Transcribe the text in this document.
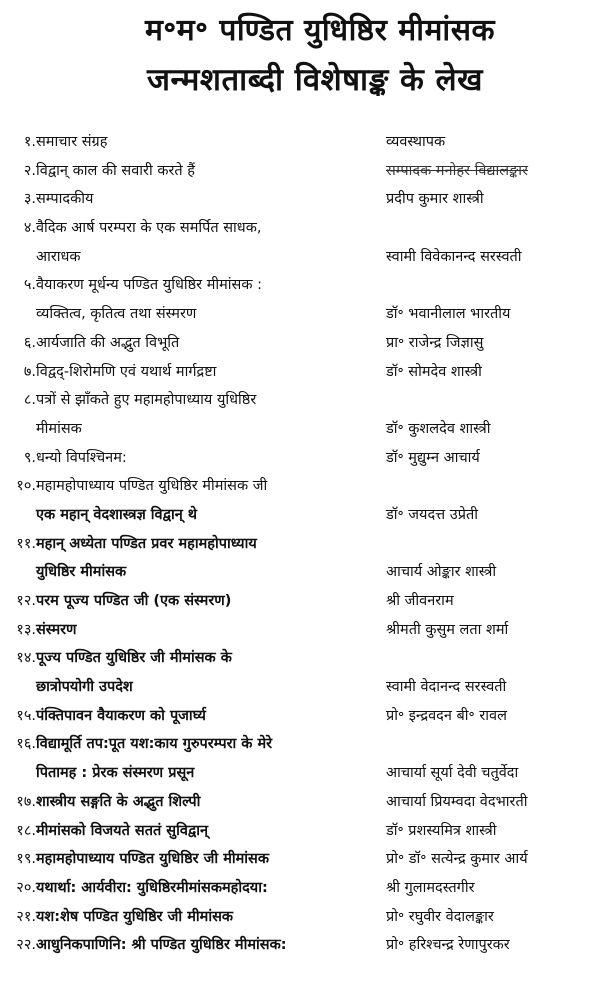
म॰म॰ पण्डित युधिष्ठिर मीमांसक
जन्मशताब्दी विशेषाङ्क के लेख
१. समाचार संग्रह	व्यवस्थापक
२. विद्वान् काल की सवारी करते हैं	सम्पादक मनोहर विद्यालङ्कार
३. सम्पादकीय	प्रदीप कुमार शास्त्री
४. वैदिक आर्ष परम्परा के एक समर्पित साधक,
आराधक	स्वामी विवेकानन्द सरस्वती
५. वैयाकरण मूर्धन्य पण्डित युधिष्ठिर मीमांसक :
व्यक्तित्व, कृतित्व तथा संस्मरण	डॉ॰ भवानीलाल भारतीय
६. आर्यजाति की अद्भुत विभूति	प्रा॰ राजेन्द्र जिज्ञासु
७. विद्वद्-शिरोमणि एवं यथार्थ मार्गद्रष्टा	डॉ॰ सोमदेव शास्त्री
८. पत्रों से झाँकते हुए महामहोपाध्याय युधिष्ठिर
मीमांसक	डॉ॰ कुशलदेव शास्त्री
९. धन्यो विपश्चिनम:	डॉ॰ मुद्युम्न आचार्य
१०. महामहोपाध्याय पण्डित युधिष्ठिर मीमांसक जी
एक महान् वेदशास्त्रज्ञ विद्वान् थे	डॉ॰ जयदत्त उप्रेती
११. महान् अध्येता पण्डित प्रवर महामहोपाध्याय
युधिष्ठिर मीमांसक	आचार्य ओङ्कार शास्त्री
१२. परम पूज्य पण्डित जी (एक संस्मरण)	श्री जीवनराम
१३. संस्मरण	श्रीमती कुसुम लता शर्मा
१४. पूज्य पण्डित युधिष्ठिर जी मीमांसक के
छात्रोपयोगी उपदेश	स्वामी वेदानन्द सरस्वती
१५. पंक्तिपावन वैयाकरण को पूजार्घ्य	प्रो॰ इन्द्रवदन बी॰ रावल
१६. विद्यामूर्ति तप:पूत यश:काय गुरुपरम्परा के मेरे
पितामह : प्रेरक संस्मरण प्रसून	आचार्या सूर्या देवी चतुर्वेदा
१७. शास्त्रीय सङ्गति के अद्भुत शिल्पी	आचार्या प्रियम्वदा वेदभारती
१८. मीमांसको विजयते सततं सुविद्वान्	डॉ॰ प्रशस्यमित्र शास्त्री
१९. महामहोपाध्याय पण्डित युधिष्ठिर जी मीमांसक	प्रो॰ डॉ॰ सत्येन्द्र कुमार आर्य
२०. यथार्था: आर्यवीरा: युधिष्ठिरमीमांसकमहोदया:	श्री गुलामदस्तगीर
२१. यश:शेष पण्डित युधिष्ठिर जी मीमांसक	प्रो॰ रघुवीर वेदालङ्कार
२२. आधुनिकपाणिनि: श्री पण्डित युधिष्ठिर मीमांसक:	प्रो॰ हरिश्चन्द्र रेणापुरकर
